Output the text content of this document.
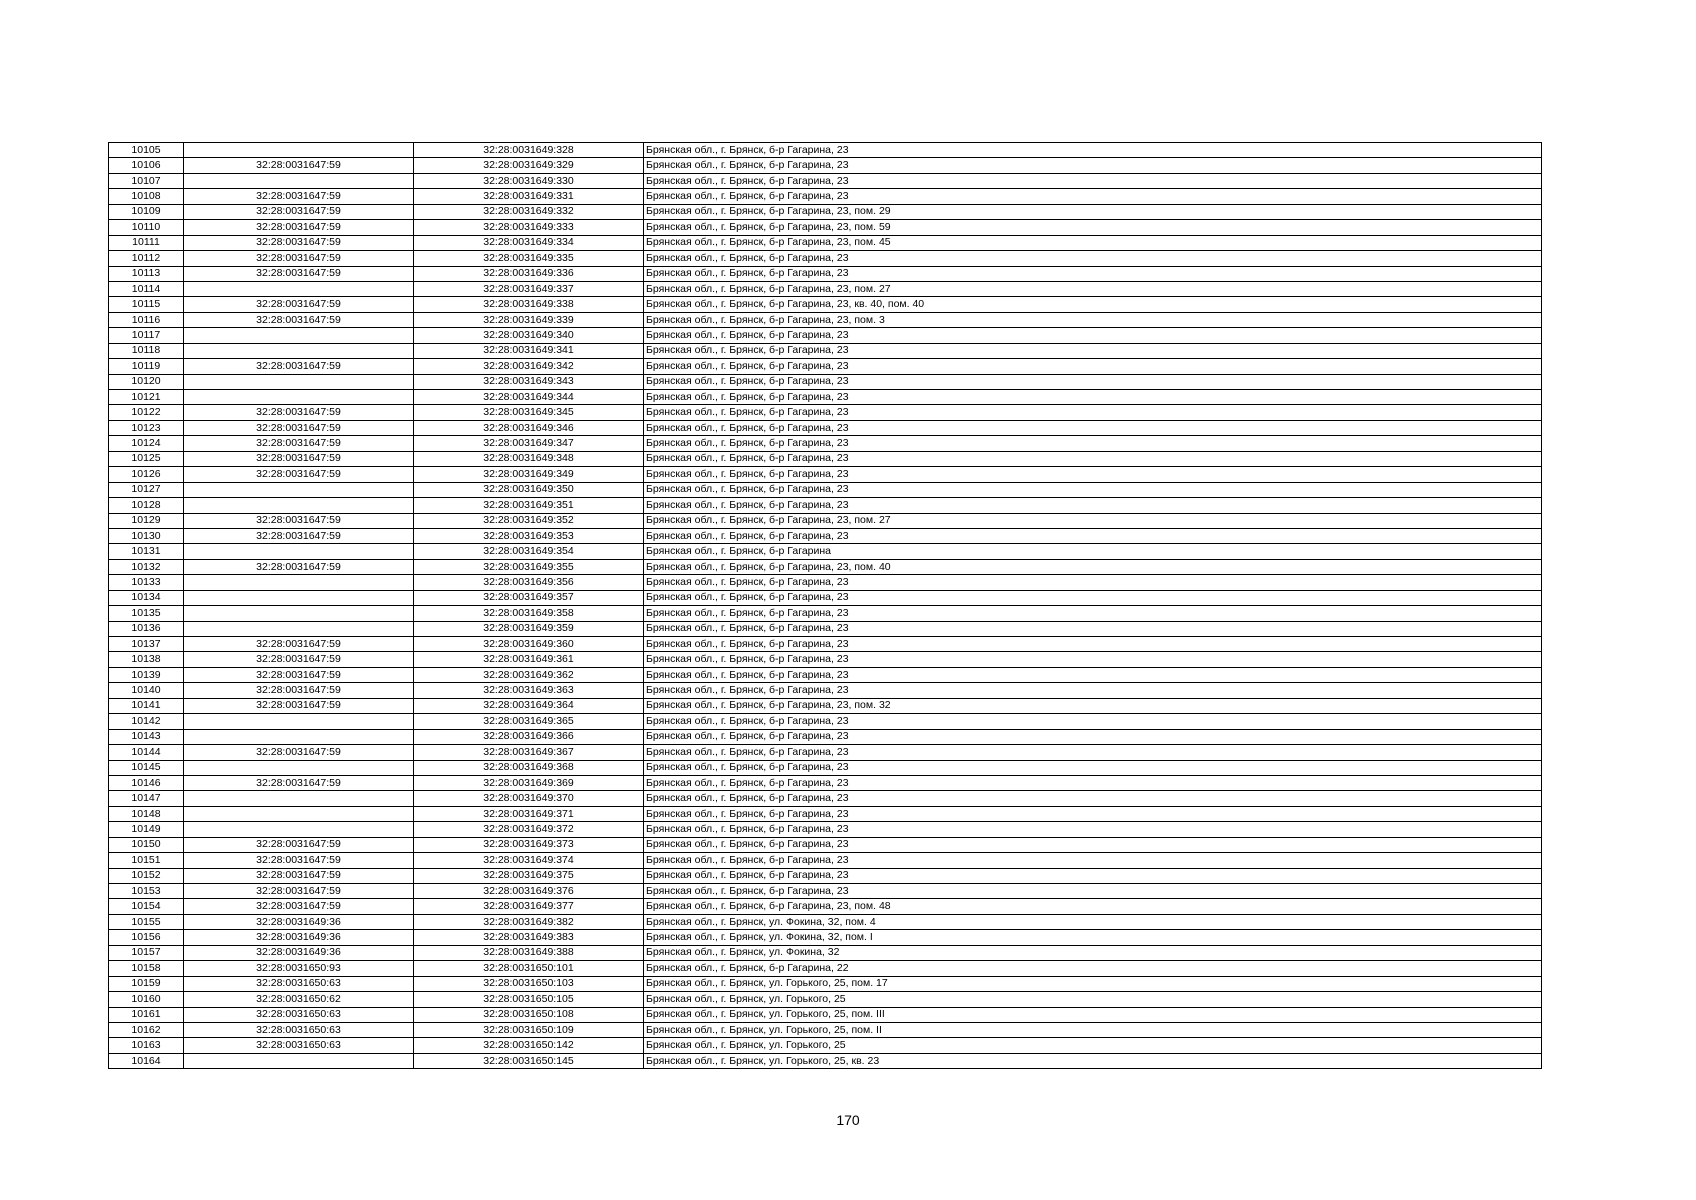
10105		32:28:0031649:328	Брянская обл., г. Брянск, б-р Гагарина, 23
10106	32:28:0031647:59	32:28:0031649:329	Брянская обл., г. Брянск, б-р Гагарина, 23
10107		32:28:0031649:330	Брянская обл., г. Брянск, б-р Гагарина, 23
10108	32:28:0031647:59	32:28:0031649:331	Брянская обл., г. Брянск, б-р Гагарина, 23
10109	32:28:0031647:59	32:28:0031649:332	Брянская обл., г. Брянск, б-р Гагарина, 23, пом. 29
10110	32:28:0031647:59	32:28:0031649:333	Брянская обл., г. Брянск, б-р Гагарина, 23, пом. 59
10111	32:28:0031647:59	32:28:0031649:334	Брянская обл., г. Брянск, б-р Гагарина, 23, пом. 45
10112	32:28:0031647:59	32:28:0031649:335	Брянская обл., г. Брянск, б-р Гагарина, 23
10113	32:28:0031647:59	32:28:0031649:336	Брянская обл., г. Брянск, б-р Гагарина, 23
10114		32:28:0031649:337	Брянская обл., г. Брянск, б-р Гагарина, 23, пом. 27
10115	32:28:0031647:59	32:28:0031649:338	Брянская обл., г. Брянск, б-р Гагарина, 23, кв. 40, пом. 40
10116	32:28:0031647:59	32:28:0031649:339	Брянская обл., г. Брянск, б-р Гагарина, 23, пом. 3
10117		32:28:0031649:340	Брянская обл., г. Брянск, б-р Гагарина, 23
10118		32:28:0031649:341	Брянская обл., г. Брянск, б-р Гагарина, 23
10119	32:28:0031647:59	32:28:0031649:342	Брянская обл., г. Брянск, б-р Гагарина, 23
10120		32:28:0031649:343	Брянская обл., г. Брянск, б-р Гагарина, 23
10121		32:28:0031649:344	Брянская обл., г. Брянск, б-р Гагарина, 23
10122	32:28:0031647:59	32:28:0031649:345	Брянская обл., г. Брянск, б-р Гагарина, 23
10123	32:28:0031647:59	32:28:0031649:346	Брянская обл., г. Брянск, б-р Гагарина, 23
10124	32:28:0031647:59	32:28:0031649:347	Брянская обл., г. Брянск, б-р Гагарина, 23
10125	32:28:0031647:59	32:28:0031649:348	Брянская обл., г. Брянск, б-р Гагарина, 23
10126	32:28:0031647:59	32:28:0031649:349	Брянская обл., г. Брянск, б-р Гагарина, 23
10127		32:28:0031649:350	Брянская обл., г. Брянск, б-р Гагарина, 23
10128		32:28:0031649:351	Брянская обл., г. Брянск, б-р Гагарина, 23
10129	32:28:0031647:59	32:28:0031649:352	Брянская обл., г. Брянск, б-р Гагарина, 23, пом. 27
10130	32:28:0031647:59	32:28:0031649:353	Брянская обл., г. Брянск, б-р Гагарина, 23
10131		32:28:0031649:354	Брянская обл., г. Брянск, б-р Гагарина
10132	32:28:0031647:59	32:28:0031649:355	Брянская обл., г. Брянск, б-р Гагарина, 23, пом. 40
10133		32:28:0031649:356	Брянская обл., г. Брянск, б-р Гагарина, 23
10134		32:28:0031649:357	Брянская обл., г. Брянск, б-р Гагарина, 23
10135		32:28:0031649:358	Брянская обл., г. Брянск, б-р Гагарина, 23
10136		32:28:0031649:359	Брянская обл., г. Брянск, б-р Гагарина, 23
10137	32:28:0031647:59	32:28:0031649:360	Брянская обл., г. Брянск, б-р Гагарина, 23
10138	32:28:0031647:59	32:28:0031649:361	Брянская обл., г. Брянск, б-р Гагарина, 23
10139	32:28:0031647:59	32:28:0031649:362	Брянская обл., г. Брянск, б-р Гагарина, 23
10140	32:28:0031647:59	32:28:0031649:363	Брянская обл., г. Брянск, б-р Гагарина, 23
10141	32:28:0031647:59	32:28:0031649:364	Брянская обл., г. Брянск, б-р Гагарина, 23, пом. 32
10142		32:28:0031649:365	Брянская обл., г. Брянск, б-р Гагарина, 23
10143		32:28:0031649:366	Брянская обл., г. Брянск, б-р Гагарина, 23
10144	32:28:0031647:59	32:28:0031649:367	Брянская обл., г. Брянск, б-р Гагарина, 23
10145		32:28:0031649:368	Брянская обл., г. Брянск, б-р Гагарина, 23
10146	32:28:0031647:59	32:28:0031649:369	Брянская обл., г. Брянск, б-р Гагарина, 23
10147		32:28:0031649:370	Брянская обл., г. Брянск, б-р Гагарина, 23
10148		32:28:0031649:371	Брянская обл., г. Брянск, б-р Гагарина, 23
10149		32:28:0031649:372	Брянская обл., г. Брянск, б-р Гагарина, 23
10150	32:28:0031647:59	32:28:0031649:373	Брянская обл., г. Брянск, б-р Гагарина, 23
10151	32:28:0031647:59	32:28:0031649:374	Брянская обл., г. Брянск, б-р Гагарина, 23
10152	32:28:0031647:59	32:28:0031649:375	Брянская обл., г. Брянск, б-р Гагарина, 23
10153	32:28:0031647:59	32:28:0031649:376	Брянская обл., г. Брянск, б-р Гагарина, 23
10154	32:28:0031647:59	32:28:0031649:377	Брянская обл., г. Брянск, б-р Гагарина, 23, пом. 48
10155	32:28:0031649:36	32:28:0031649:382	Брянская обл., г. Брянск, ул. Фокина, 32, пом. 4
10156	32:28:0031649:36	32:28:0031649:383	Брянская обл., г. Брянск, ул. Фокина, 32, пом. I
10157	32:28:0031649:36	32:28:0031649:388	Брянская обл., г. Брянск, ул. Фокина, 32
10158	32:28:0031650:93	32:28:0031650:101	Брянская обл., г. Брянск, б-р Гагарина, 22
10159	32:28:0031650:63	32:28:0031650:103	Брянская обл., г. Брянск, ул. Горького, 25, пом. 17
10160	32:28:0031650:62	32:28:0031650:105	Брянская обл., г. Брянск, ул. Горького, 25
10161	32:28:0031650:63	32:28:0031650:108	Брянская обл., г. Брянск, ул. Горького, 25, пом. III
10162	32:28:0031650:63	32:28:0031650:109	Брянская обл., г. Брянск, ул. Горького, 25, пом. II
10163	32:28:0031650:63	32:28:0031650:142	Брянская обл., г. Брянск, ул. Горького, 25
10164		32:28:0031650:145	Брянская обл., г. Брянск, ул. Горького, 25, кв. 23
170
